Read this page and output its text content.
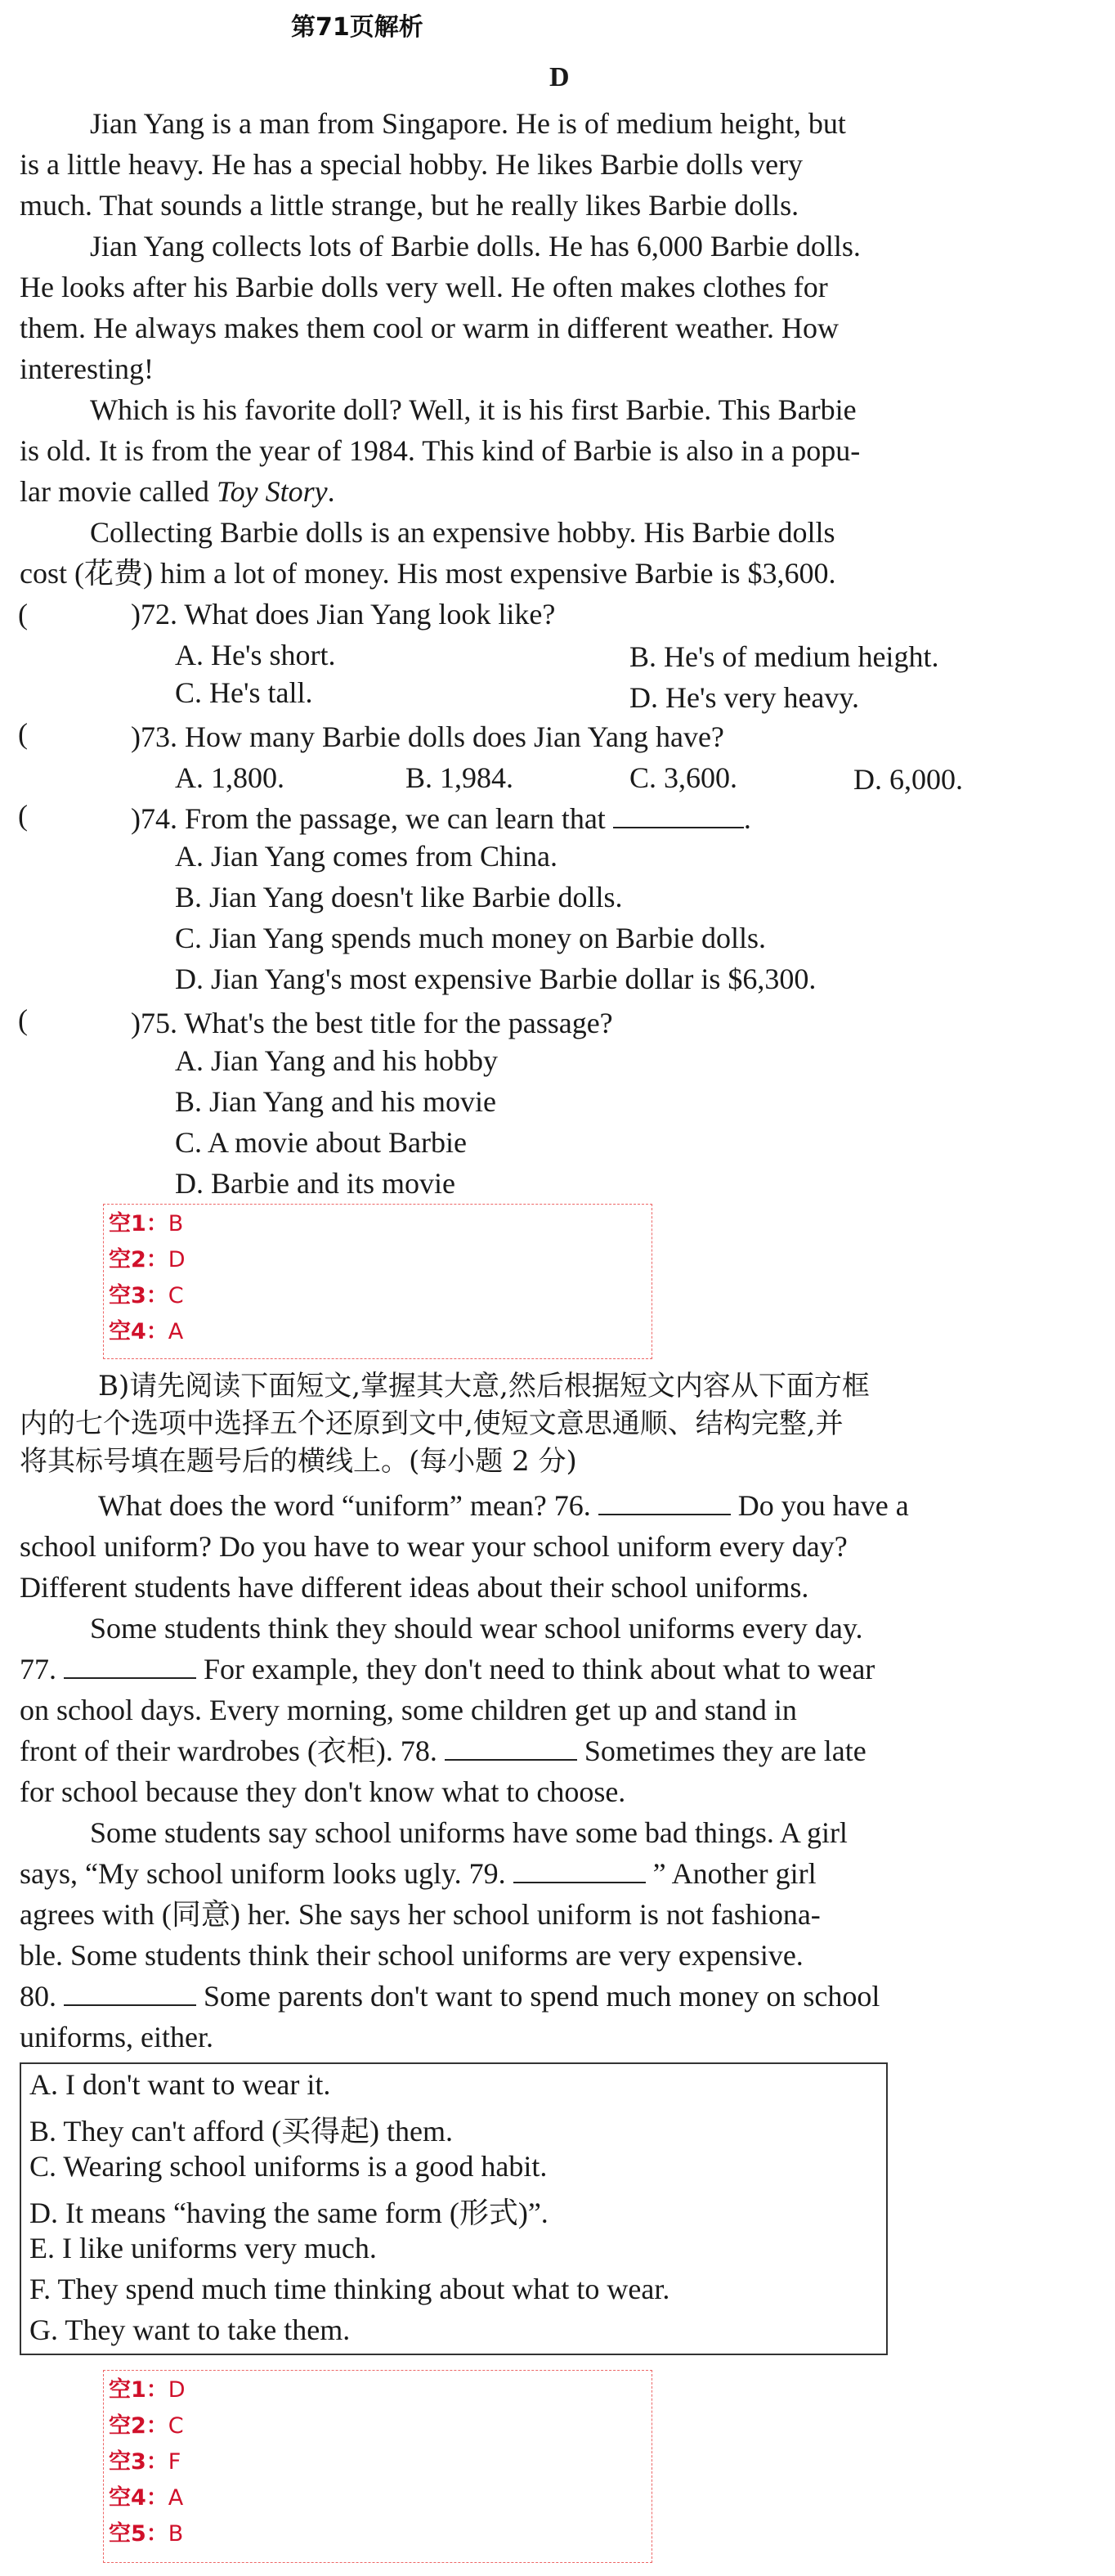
第71页解析
D
Jian Yang is a man from Singapore. He is of medium height, but
is a little heavy. He has a special hobby. He likes Barbie dolls very
much. That sounds a little strange, but he really likes Barbie dolls.
Jian Yang collects lots of Barbie dolls. He has 6,000 Barbie dolls.
He looks after his Barbie dolls very well. He often makes clothes for
them. He always makes them cool or warm in different weather. How
interesting!
Which is his favorite doll? Well, it is his first Barbie. This Barbie
is old. It is from the year of 1984. This kind of Barbie is also in a popu-
lar movie called Toy Story.
Collecting Barbie dolls is an expensive hobby. His Barbie dolls
cost (花费) him a lot of money. His most expensive Barbie is $3,600.
(	)72. What does Jian Yang look like?
A. He's short.	B. He's of medium height.
C. He's tall.	D. He's very heavy.
(	)73. How many Barbie dolls does Jian Yang have?
A. 1,800.	B. 1,984.	C. 3,600.	D. 6,000.
(	)74. From the passage, we can learn that	.
A. Jian Yang comes from China.
B. Jian Yang doesn't like Barbie dolls.
C. Jian Yang spends much money on Barbie dolls.
D. Jian Yang's most expensive Barbie dollar is $6,300.
(	)75. What's the best title for the passage?
A. Jian Yang and his hobby
B. Jian Yang and his movie
C. A movie about Barbie
D. Barbie and its movie
空1：B
空2：D
空3：C
空4：A
B)请先阅读下面短文,掌握其大意,然后根据短文内容从下面方框
内的七个选项中选择五个还原到文中,使短文意思通顺、结构完整,并
将其标号填在题号后的横线上。(每小题 2 分)
What does the word “uniform” mean? 76.	Do you have a
school uniform? Do you have to wear your school uniform every day?
Different students have different ideas about their school uniforms.
Some students think they should wear school uniforms every day.
77.	For example, they don't need to think about what to wear
on school days. Every morning, some children get up and stand in
front of their wardrobes (衣柜). 78.	Sometimes they are late
for school because they don't know what to choose.
Some students say school uniforms have some bad things. A girl
says, “My school uniform looks ugly. 79.	” Another girl
agrees with (同意) her. She says her school uniform is not fashiona-
ble. Some students think their school uniforms are very expensive.
80.	Some parents don't want to spend much money on school
uniforms, either.
A. I don't want to wear it.
B. They can't afford (买得起) them.
C. Wearing school uniforms is a good habit.
D. It means “having the same form (形式)”.
E. I like uniforms very much.
F. They spend much time thinking about what to wear.
G. They want to take them.
空1：D
空2：C
空3：F
空4：A
空5：B
